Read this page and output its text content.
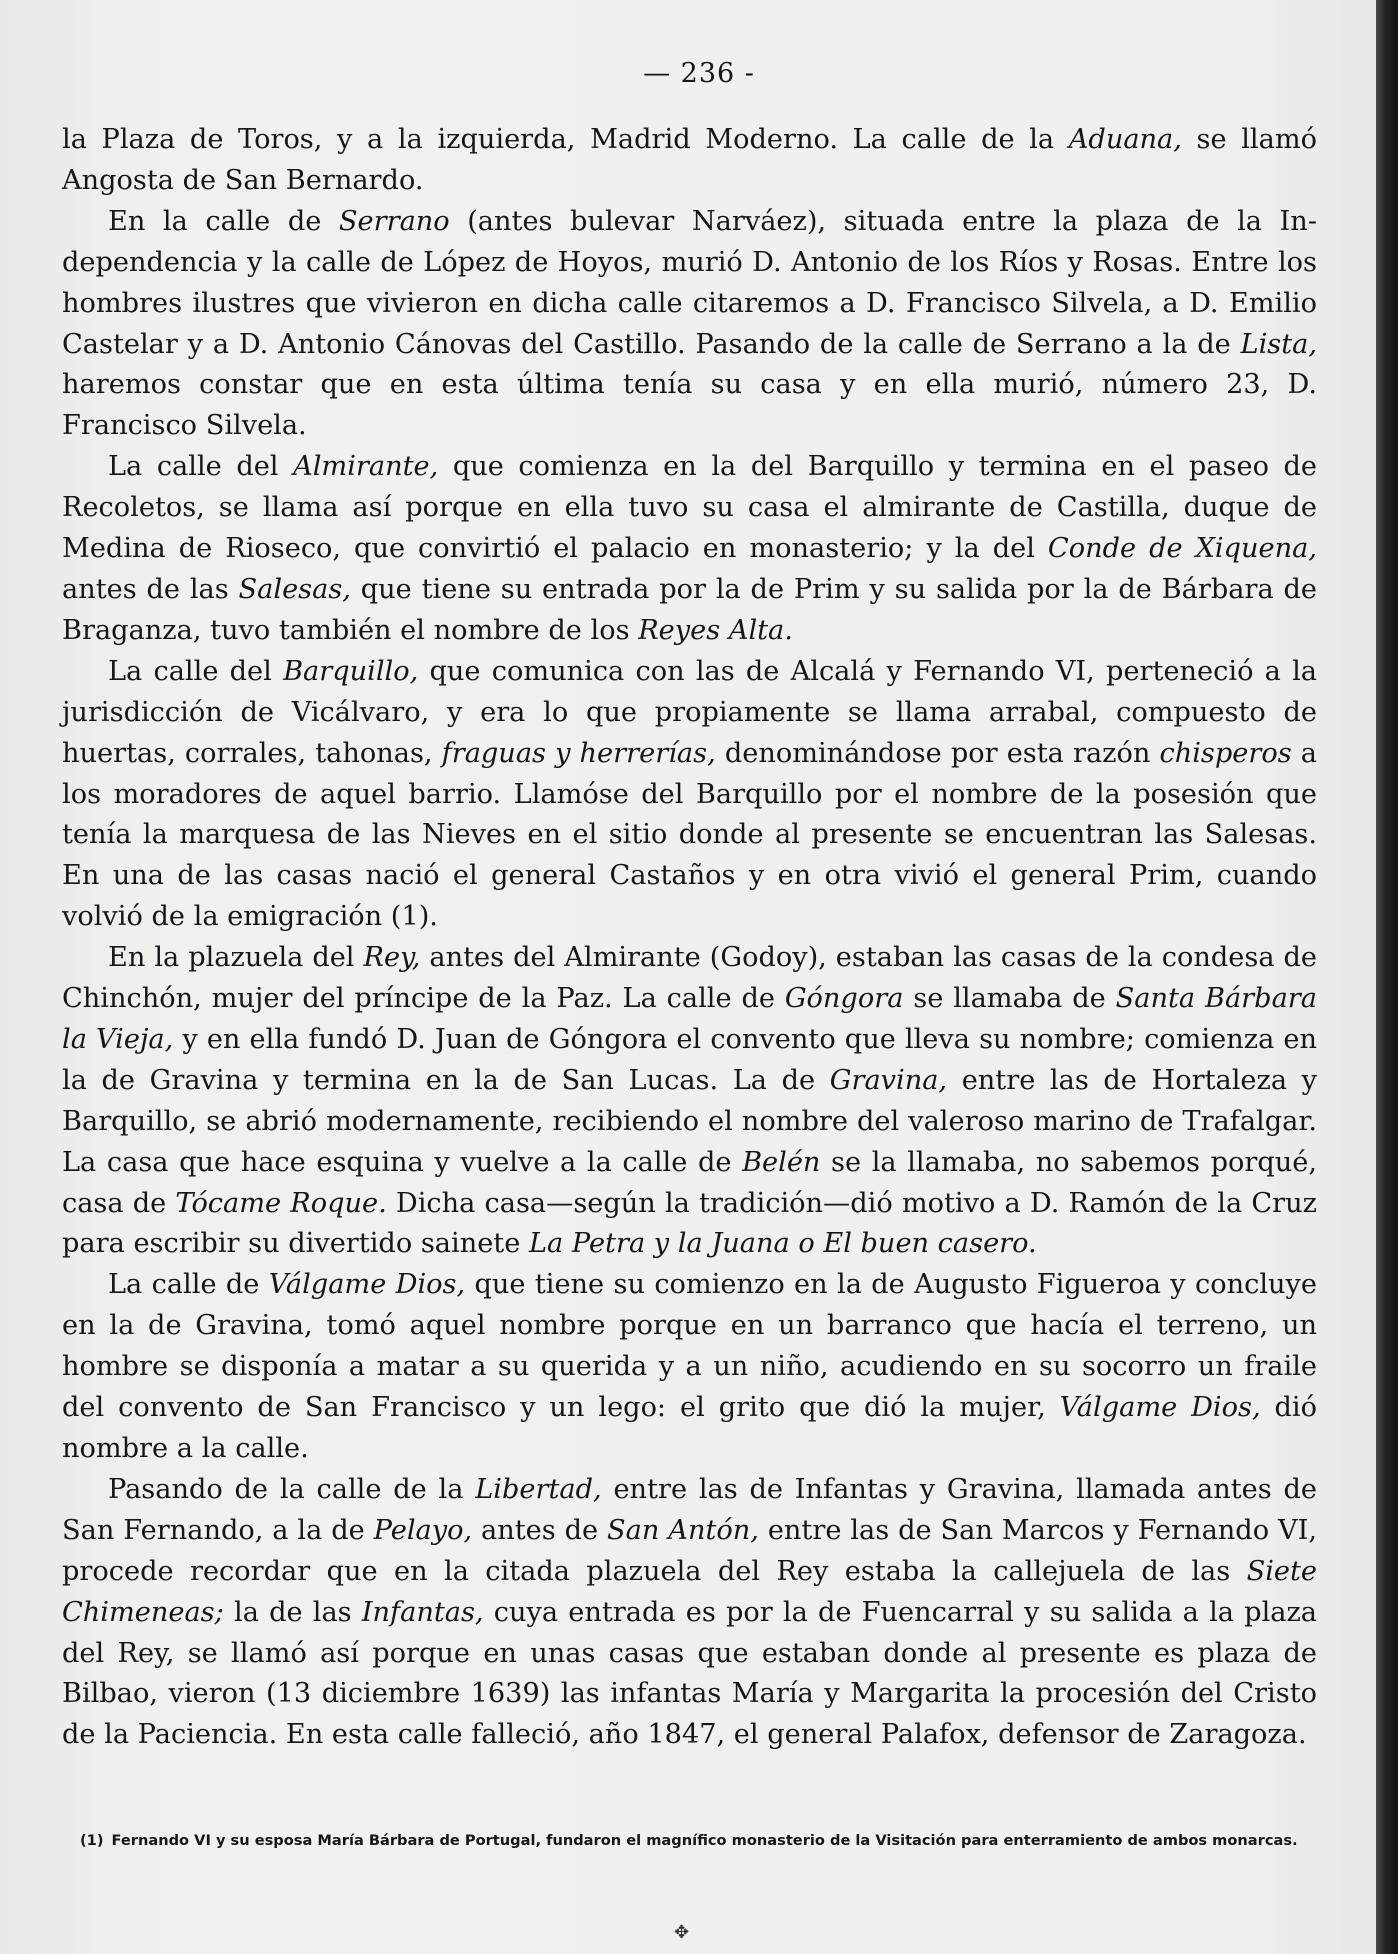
— 236 -

la Plaza de Toros, y a la izquierda, Madrid Moderno. La calle de la Aduana, se llamó Angosta de San Bernardo.

En la calle de Serrano (antes bulevar Narváez), situada entre la plaza de la Independencia y la calle de López de Hoyos, murió D. Antonio de los Ríos y Rosas. Entre los hombres ilustres que vivieron en dicha calle citaremos a D. Francisco Silvela, a D. Emilio Castelar y a D. Antonio Cánovas del Castillo. Pasando de la calle de Serrano a la de Lista, haremos constar que en esta última tenía su casa y en ella murió, número 23, D. Francisco Silvela.

La calle del Almirante, que comienza en la del Barquillo y termina en el paseo de Recoletos, se llama así porque en ella tuvo su casa el almirante de Castilla, duque de Medina de Rioseco, que convirtió el palacio en monasterio; y la del Conde de Xiquena, antes de las Salesas, que tiene su entrada por la de Prim y su salida por la de Bárbara de Braganza, tuvo también el nombre de los Reyes Alta.

La calle del Barquillo, que comunica con las de Alcalá y Fernando VI, perteneció a la jurisdicción de Vicálvaro, y era lo que propiamente se llama arrabal, compuesto de huertas, corrales, tahonas, fraguas y herrerías, denominándose por esta razón chisperos a los moradores de aquel barrio. Llamóse del Barquillo por el nombre de la posesión que tenía la marquesa de las Nieves en el sitio donde al presente se encuentran las Salesas. En una de las casas nació el general Castaños y en otra vivió el general Prim, cuando volvió de la emigración (1).

En la plazuela del Rey, antes del Almirante (Godoy), estaban las casas de la condesa de Chinchón, mujer del príncipe de la Paz. La calle de Góngora se llamaba de Santa Bárbara la Vieja, y en ella fundó D. Juan de Góngora el convento que lleva su nombre; comienza en la de Gravina y termina en la de San Lucas. La de Gravina, entre las de Hortaleza y Barquillo, se abrió modernamente, recibiendo el nombre del valeroso marino de Trafalgar. La casa que hace esquina y vuelve a la calle de Belén se la llamaba, no sabemos porqué, casa de Tócame Roque. Dicha casa—según la tradición—dió motivo a D. Ramón de la Cruz para escribir su divertido sainete La Petra y la Juana o El buen casero.

La calle de Válgame Dios, que tiene su comienzo en la de Augusto Figueroa y concluye en la de Gravina, tomó aquel nombre porque en un barranco que hacía el terreno, un hombre se disponía a matar a su querida y a un niño, acudiendo en su socorro un fraile del convento de San Francisco y un lego: el grito que dió la mujer, Válgame Dios, dió nombre a la calle.

Pasando de la calle de la Libertad, entre las de Infantas y Gravina, llamada antes de San Fernando, a la de Pelayo, antes de San Antón, entre las de San Marcos y Fernando VI, procede recordar que en la citada plazuela del Rey estaba la callejuela de las Siete Chimeneas; la de las Infantas, cuya entrada es por la de Fuencarral y su salida a la plaza del Rey, se llamó así porque en unas casas que estaban donde al presente es plaza de Bilbao, vieron (13 diciembre 1639) las infantas María y Margarita la procesión del Cristo de la Paciencia. En esta calle falleció, año 1847, el general Palafox, defensor de Zaragoza.

(1) Fernando VI y su esposa María Bárbara de Portugal, fundaron el magnífico monasterio de la Visitación para enterramiento de ambos monarcas.
✥
